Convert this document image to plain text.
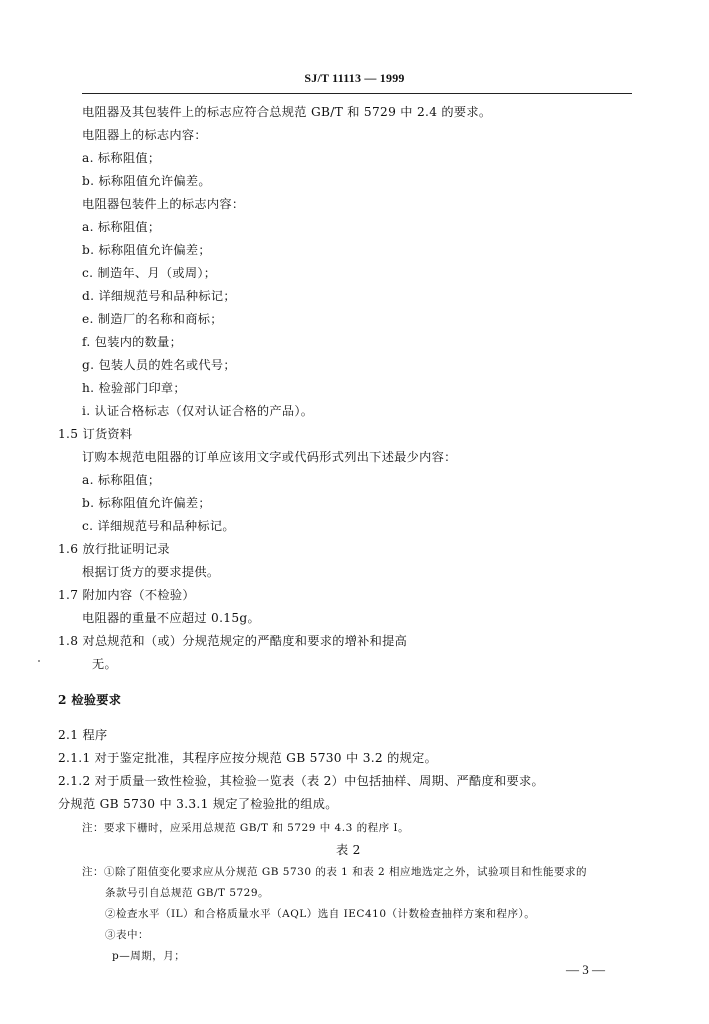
SJ/T 11113 — 1999
电阻器及其包装件上的标志应符合总规范 GB/T 和 5729 中 2.4 的要求。
电阻器上的标志内容：
a. 标称阻值；
b. 标称阻值允许偏差。
电阻器包装件上的标志内容：
a. 标称阻值；
b. 标称阻值允许偏差；
c. 制造年、月（或周）；
d. 详细规范号和品种标记；
e. 制造厂的名称和商标；
f. 包装内的数量；
g. 包装人员的姓名或代号；
h. 检验部门印章；
i. 认证合格标志（仅对认证合格的产品）。
1.5 订货资料
订购本规范电阻器的订单应该用文字或代码形式列出下述最少内容：
a. 标称阻值；
b. 标称阻值允许偏差；
c. 详细规范号和品种标记。
1.6 放行批证明记录
根据订货方的要求提供。
1.7 附加内容（不检验）
电阻器的重量不应超过 0.15g。
1.8 对总规范和（或）分规范规定的严酷度和要求的增补和提高
无。
2 检验要求
2.1 程序
2.1.1 对于鉴定批准，其程序应按分规范 GB 5730 中 3.2 的规定。
2.1.2 对于质量一致性检验，其检验一览表（表 2）中包括抽样、周期、严酷度和要求。
分规范 GB 5730 中 3.3.1 规定了检验批的组成。
注：要求下栅时，应采用总规范 GB/T 和 5729 中 4.3 的程序 Ⅰ。
表 2
注：①除了阻值变化要求应从分规范 GB 5730 的表 1 和表 2 相应地选定之外，试验项目和性能要求的
条款号引自总规范 GB/T 5729。
②检查水平（IL）和合格质量水平（AQL）选自 IEC410（计数检查抽样方案和程序）。
③表中：
p—周期，月；
— 3 —
